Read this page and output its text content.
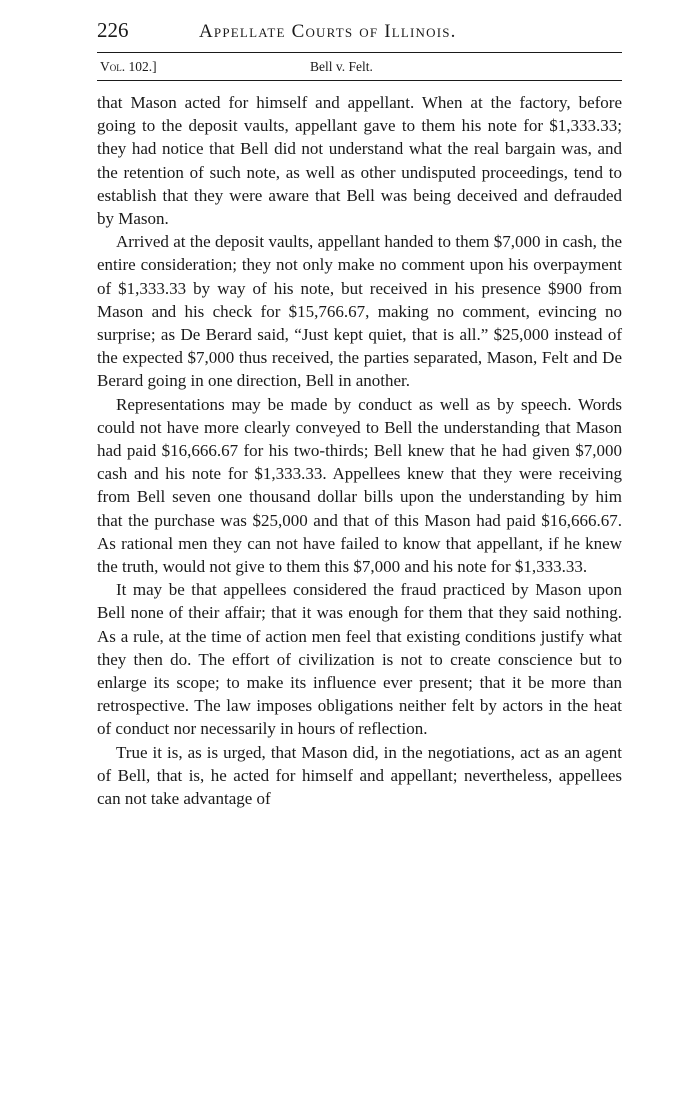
226	Appellate Courts of Illinois.
Vol. 102.]	Bell v. Felt.

that Mason acted for himself and appellant. When at the factory, before going to the deposit vaults, appellant gave to them his note for $1,333.33; they had notice that Bell did not understand what the real bargain was, and the retention of such note, as well as other undisputed proceedings, tend to establish that they were aware that Bell was being deceived and defrauded by Mason.

Arrived at the deposit vaults, appellant handed to them $7,000 in cash, the entire consideration; they not only make no comment upon his overpayment of $1,333.33 by way of his note, but received in his presence $900 from Mason and his check for $15,766.67, making no comment, evincing no surprise; as De Berard said, “Just kept quiet, that is all.” $25,000 instead of the expected $7,000 thus received, the parties separated, Mason, Felt and De Berard going in one direction, Bell in another.

Representations may be made by conduct as well as by speech. Words could not have more clearly conveyed to Bell the understanding that Mason had paid $16,666.67 for his two-thirds; Bell knew that he had given $7,000 cash and his note for $1,333.33. Appellees knew that they were receiving from Bell seven one thousand dollar bills upon the understanding by him that the purchase was $25,000 and that of this Mason had paid $16,666.67. As rational men they can not have failed to know that appellant, if he knew the truth, would not give to them this $7,000 and his note for $1,333.33.

It may be that appellees considered the fraud practiced by Mason upon Bell none of their affair; that it was enough for them that they said nothing. As a rule, at the time of action men feel that existing conditions justify what they then do. The effort of civilization is not to create conscience but to enlarge its scope; to make its influence ever present; that it be more than retrospective. The law imposes obligations neither felt by actors in the heat of conduct nor necessarily in hours of reflection.

True it is, as is urged, that Mason did, in the negotiations, act as an agent of Bell, that is, he acted for himself and appellant; nevertheless, appellees can not take advantage of
